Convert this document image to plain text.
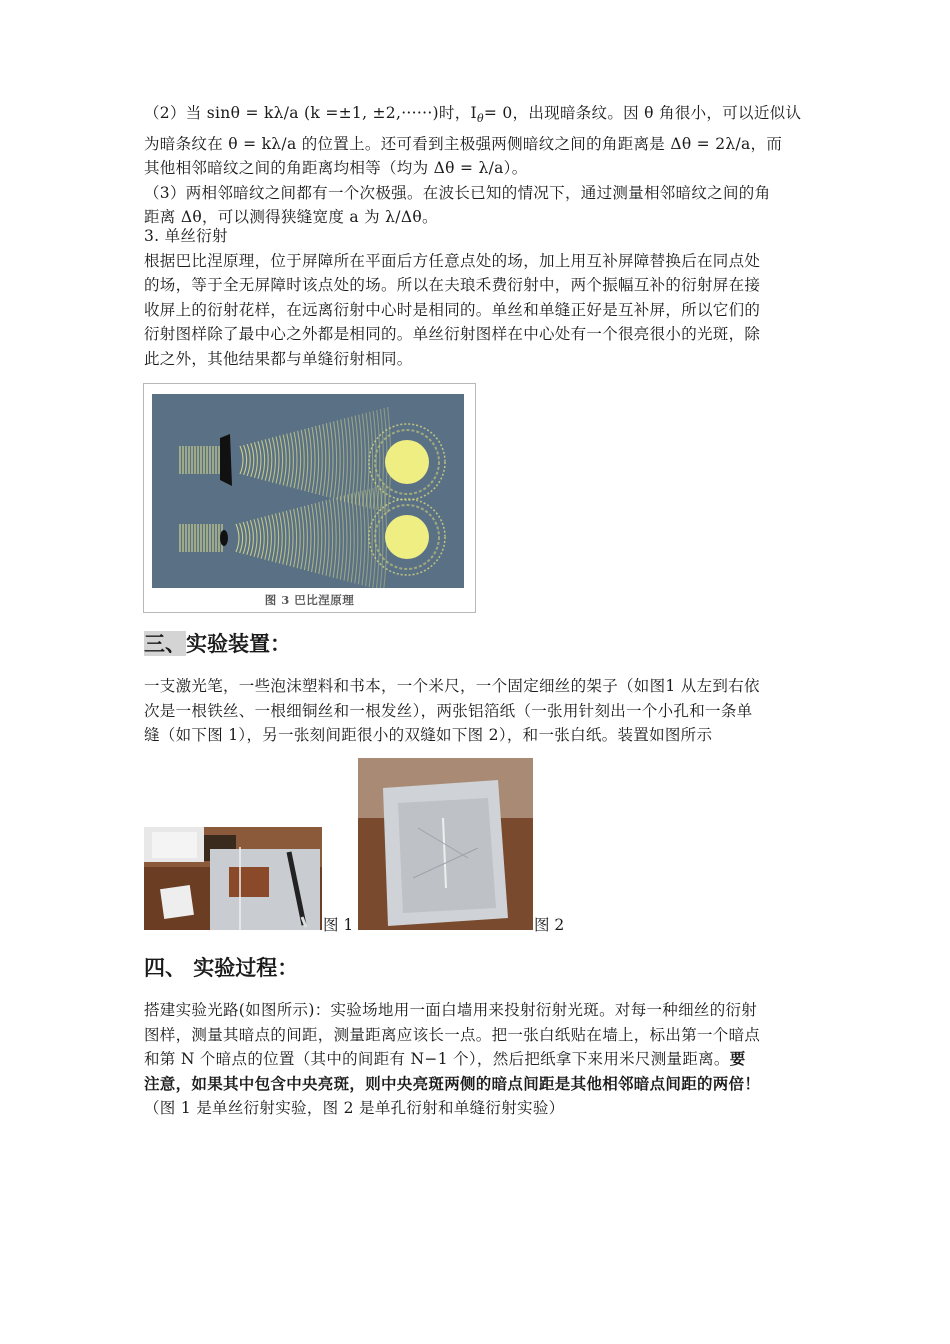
（2）当 sinθ = kλ/a (k =±1, ±2,······)时，$I_\theta= 0$，出现暗条纹。因 θ 角很小，可以近似认
为暗条纹在 θ = kλ/a 的位置上。还可看到主极强两侧暗纹之间的角距离是 Δθ = 2λ/a，而
其他相邻暗纹之间的角距离均相等（均为 Δθ = λ/a）。
（3）两相邻暗纹之间都有一个次极强。在波长已知的情况下，通过测量相邻暗纹之间的角
距离 Δθ，可以测得狭缝宽度 a 为 λ/Δθ。
3. 单丝衍射
根据巴比涅原理，位于屏障所在平面后方任意点处的场，加上用互补屏障替换后在同点处
的场，等于全无屏障时该点处的场。所以在夫琅禾费衍射中，两个振幅互补的衍射屏在接
收屏上的衍射花样，在远离衍射中心时是相同的。单丝和单缝正好是互补屏，所以它们的
衍射图样除了最中心之外都是相同的。单丝衍射图样在中心处有一个很亮很小的光斑，除
此之外，其他结果都与单缝衍射相同。
图 3 巴比涅原理
三、实验装置：
一支激光笔，一些泡沫塑料和书本，一个米尺，一个固定细丝的架子（如图1 从左到右依
次是一根铁丝、一根细铜丝和一根发丝），两张铝箔纸（一张用针刻出一个小孔和一条单
缝（如下图 1），另一张刻间距很小的双缝如下图 2），和一张白纸。装置如图所示
图 1	图 2
四、 实验过程：
搭建实验光路(如图所示)：实验场地用一面白墙用来投射衍射光斑。对每一种细丝的衍射
图样，测量其暗点的间距，测量距离应该长一点。把一张白纸贴在墙上，标出第一个暗点
和第 N 个暗点的位置（其中的间距有 N−1 个），然后把纸拿下来用米尺测量距离。要
注意，如果其中包含中央亮斑，则中央亮斑两侧的暗点间距是其他相邻暗点间距的两倍！
（图 1 是单丝衍射实验，图 2 是单孔衍射和单缝衍射实验）
